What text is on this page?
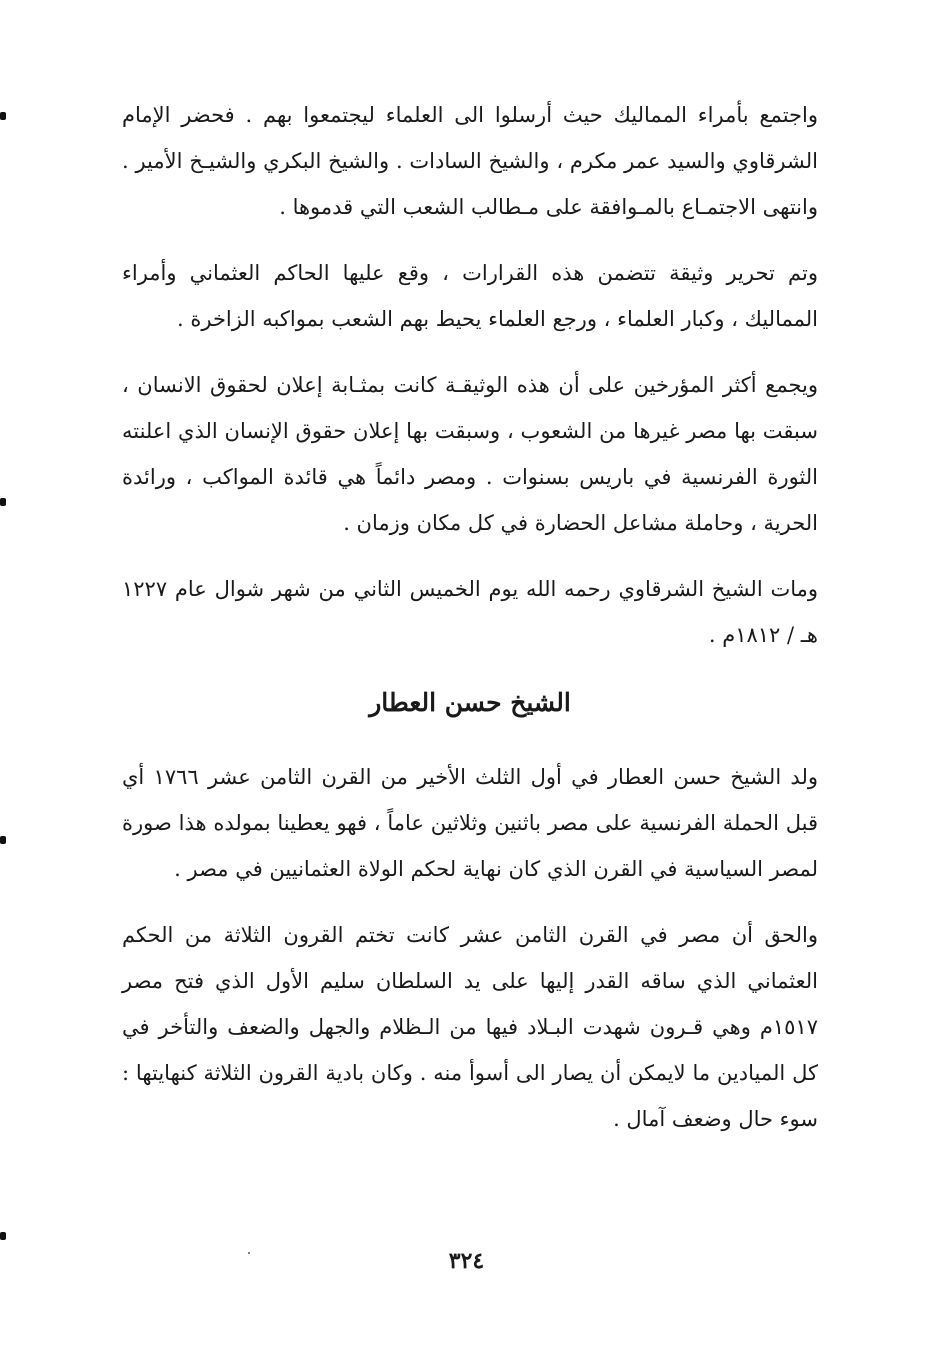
واجتمع بأمراء المماليك حيث أرسلوا الى العلماء ليجتمعوا بهم . فحضر الإمام الشرقاوي والسيد عمر مكرم ، والشيخ السادات . والشيخ البكري والشيـخ الأمير . وانتهى الاجتمـاع بالمـوافقة على مـطالب الشعب التي قدموها .

وتم تحرير وثيقة تتضمن هذه القرارات ، وقع عليها الحاكم العثماني وأمراء المماليك ، وكبار العلماء ، ورجع العلماء يحيط بهم الشعب بمواكبه الزاخرة .

ويجمع أكثر المؤرخين على أن هذه الوثيقـة كانت بمثـابة إعلان لحقوق الانسان ، سبقت بها مصر غيرها من الشعوب ، وسبقت بها إعلان حقوق الإنسان الذي اعلنته الثورة الفرنسية في باريس بسنوات . ومصر دائماً هي قائدة المواكب ، ورائدة الحرية ، وحاملة مشاعل الحضارة في كل مكان وزمان .

ومات الشيخ الشرقاوي رحمه الله يوم الخميس الثاني من شهر شوال عام ١٢٢٧ هـ / ١٨١٢م .

الشيخ حسن العطار

ولد الشيخ حسن العطار في أول الثلث الأخير من القرن الثامن عشر ١٧٦٦ أي قبل الحملة الفرنسية على مصر باثنين وثلاثين عاماً ، فهو يعطينا بمولده هذا صورة لمصر السياسية في القرن الذي كان نهاية لحكم الولاة العثمانيين في مصر .

والحق أن مصر في القرن الثامن عشر كانت تختم القرون الثلاثة من الحكم العثماني الذي ساقه القدر إليها على يد السلطان سليم الأول الذي فتح مصر ١٥١٧م وهي قـرون شهدت البـلاد فيها من الـظلام والجهل والضعف والتأخر في كل الميادين ما لايمكن أن يصار الى أسوأ منه . وكان بادية القرون الثلاثة كنهايتها : سوء حال وضعف آمال .

٣٢٤
